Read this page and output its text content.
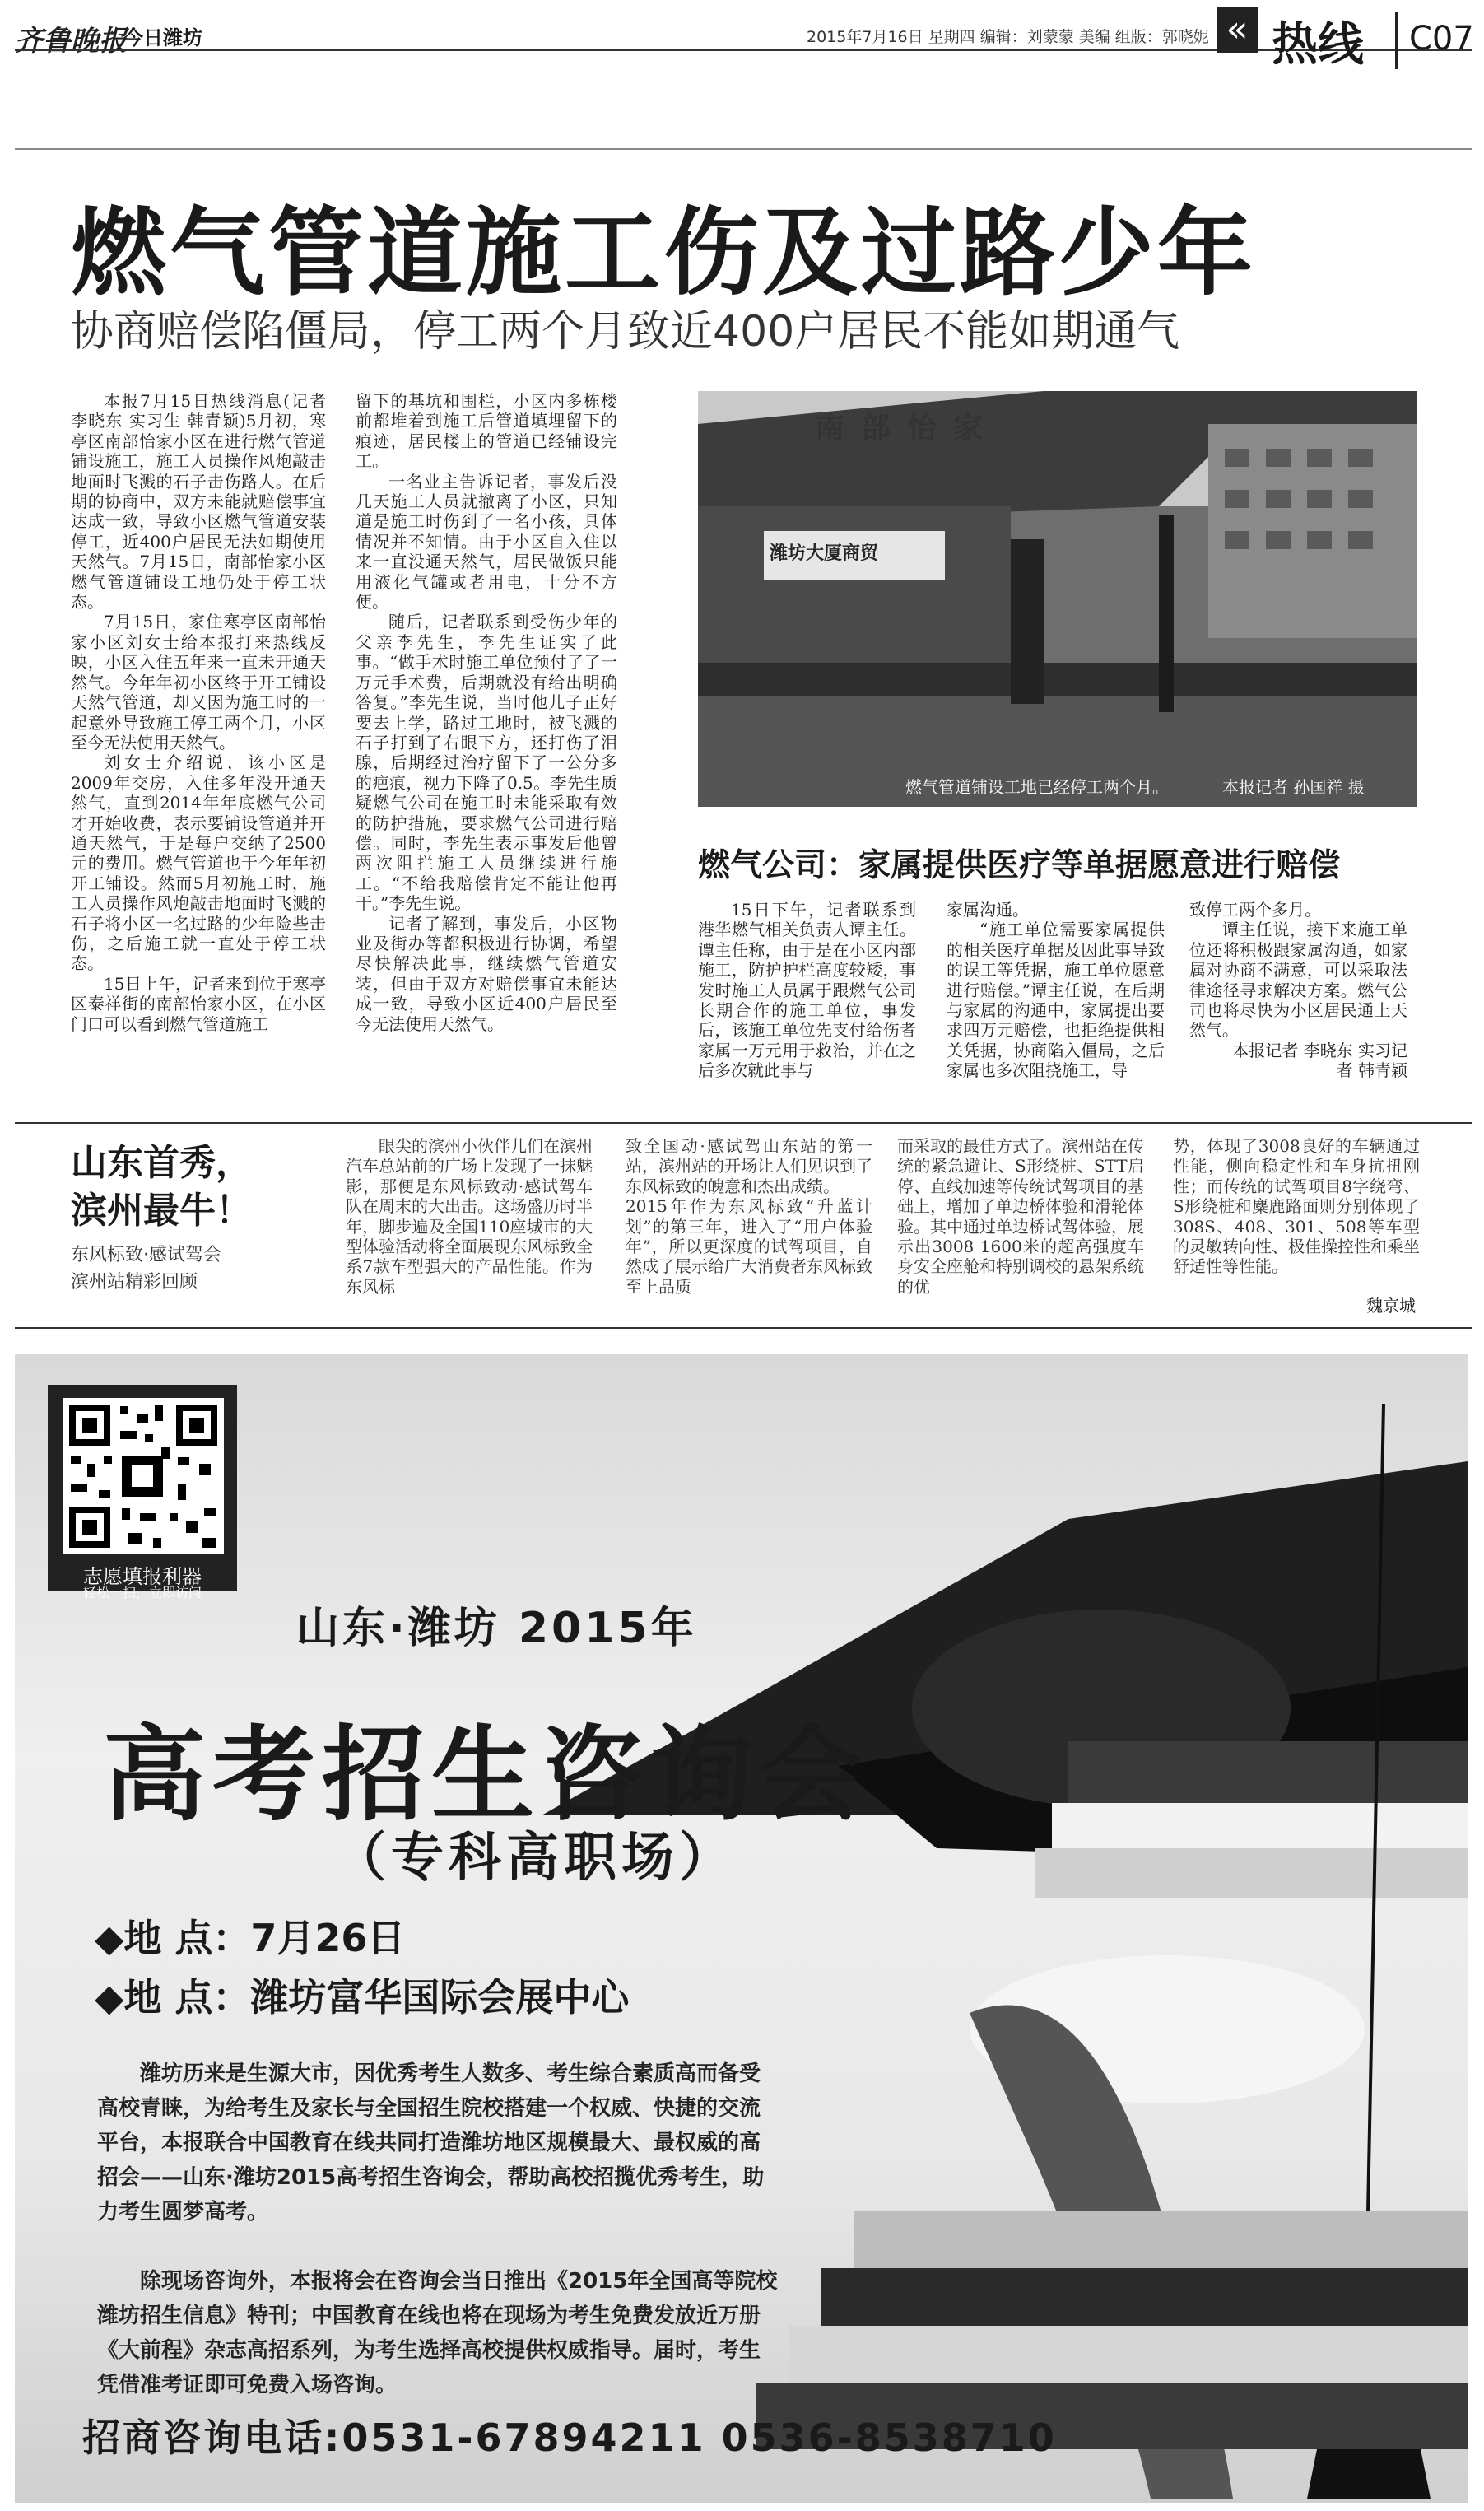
齐鲁晚报
今日潍坊	2015年7月16日 星期四 编辑：刘蒙蒙 美编 组版：郭晓妮 « 热线 C07
燃气管道施工伤及过路少年
协商赔偿陷僵局，停工两个月致近400户居民不能如期通气

本报7月15日热线消息(记者 李晓东 实习生 韩青颖)5月初，寒亭区南部怡家小区在进行燃气管道铺设施工，施工人员操作风炮敲击地面时飞溅的石子击伤路人。在后期的协商中，双方未能就赔偿事宜达成一致，导致小区燃气管道安装停工，近400户居民无法如期使用天然气。7月15日，南部怡家小区燃气管道铺设工地仍处于停工状态。

7月15日，家住寒亭区南部怡家小区刘女士给本报打来热线反映，小区入住五年来一直未开通天然气。今年年初小区终于开工铺设天然气管道，却又因为施工时的一起意外导致施工停工两个月，小区至今无法使用天然气。

刘女士介绍说，该小区是2009年交房，入住多年没开通天然气，直到2014年年底燃气公司才开始收费，表示要铺设管道并开通天然气，于是每户交纳了2500元的费用。燃气管道也于今年年初开工铺设。然而5月初施工时，施工人员操作风炮敲击地面时飞溅的石子将小区一名过路的少年险些击伤，之后施工就一直处于停工状态。

15日上午，记者来到位于寒亭区泰祥街的南部怡家小区，在小区门口可以看到燃气管道施工

留下的基坑和围栏，小区内多栋楼前都堆着到施工后管道填埋留下的痕迹，居民楼上的管道已经铺设完工。

一名业主告诉记者，事发后没几天施工人员就撤离了小区，只知道是施工时伤到了一名小孩，具体情况并不知情。由于小区自入住以来一直没通天然气，居民做饭只能用液化气罐或者用电，十分不方便。

随后，记者联系到受伤少年的父亲李先生，李先生证实了此事。“做手术时施工单位预付了了一万元手术费，后期就没有给出明确答复。”李先生说，当时他儿子正好要去上学，路过工地时，被飞溅的石子打到了右眼下方，还打伤了泪腺，后期经过治疗留下了一公分多的疤痕，视力下降了0.5。李先生质疑燃气公司在施工时未能采取有效的防护措施，要求燃气公司进行赔偿。同时，李先生表示事发后他曾两次阻拦施工人员继续进行施工。“不给我赔偿肯定不能让他再干。”李先生说。

记者了解到，事发后，小区物业及街办等都积极进行协调，希望尽快解决此事，继续燃气管道安装，但由于双方对赔偿事宜未能达成一致，导致小区近400户居民至今无法使用天然气。

南部怡家
潍坊大厦商贸
燃气管道铺设工地已经停工两个月。	本报记者 孙国祥 摄
燃气公司：家属提供医疗等单据愿意进行赔偿

15日下午，记者联系到港华燃气相关负责人谭主任。谭主任称，由于是在小区内部施工，防护护栏高度较矮，事发时施工人员属于跟燃气公司长期合作的施工单位，事发后，该施工单位先支付给伤者家属一万元用于救治，并在之后多次就此事与

家属沟通。

“施工单位需要家属提供的相关医疗单据及因此事导致的误工等凭据，施工单位愿意进行赔偿。”谭主任说，在后期与家属的沟通中，家属提出要求四万元赔偿，也拒绝提供相关凭据，协商陷入僵局，之后家属也多次阻挠施工，导

致停工两个多月。

谭主任说，接下来施工单位还将积极跟家属沟通，如家属对协商不满意，可以采取法律途径寻求解决方案。燃气公司也将尽快为小区居民通上天然气。

本报记者 李晓东 实习记者 韩青颖

山东首秀，
滨州最牛！
东风标致·感试驾会
滨州站精彩回顾

眼尖的滨州小伙伴儿们在滨州汽车总站前的广场上发现了一抹魅影，那便是东风标致动·感试驾车队在周末的大出击。这场盛历时半年，脚步遍及全国110座城市的大型体验活动将全面展现东风标致全系7款车型强大的产品性能。作为东风标

致全国动·感试驾山东站的第一站，滨州站的开场让人们见识到了东风标致的魄意和杰出成绩。
2015年作为东风标致“升蓝计划”的第三年，进入了“用户体验年”，所以更深度的试驾项目，自然成了展示给广大消费者东风标致至上品质

而采取的最佳方式了。滨州站在传统的紧急避让、S形绕桩、STT启停、直线加速等传统试驾项目的基础上，增加了单边桥体验和滑轮体验。其中通过单边桥试驾体验，展示出3008 1600米的超高强度车身安全座舱和特别调校的悬架系统的优

势，体现了3008良好的车辆通过性能，侧向稳定性和车身抗扭刚性；而传统的试驾项目8字绕弯、S形绕桩和麋鹿路面则分别体现了308S、408、301、508等车型的灵敏转向性、极佳操控性和乘坐舒适性等性能。

魏京城
志愿填报利器
轻松一扫，立即访问
山东·潍坊 2015年
高考招生咨询会
（专科高职场）
◆地 点：7月26日
◆地 点：潍坊富华国际会展中心
潍坊历来是生源大市，因优秀考生人数多、考生综合素质高而备受高校青睐，为给考生及家长与全国招生院校搭建一个权威、快捷的交流平台，本报联合中国教育在线共同打造潍坊地区规模最大、最权威的高招会——山东·潍坊2015高考招生咨询会，帮助高校招揽优秀考生，助力考生圆梦高考。
除现场咨询外，本报将会在咨询会当日推出《2015年全国高等院校潍坊招生信息》特刊；中国教育在线也将在现场为考生免费发放近万册《大前程》杂志高招系列，为考生选择高校提供权威指导。届时，考生凭借准考证即可免费入场咨询。
招商咨询电话:0531-67894211 0536-8538710
